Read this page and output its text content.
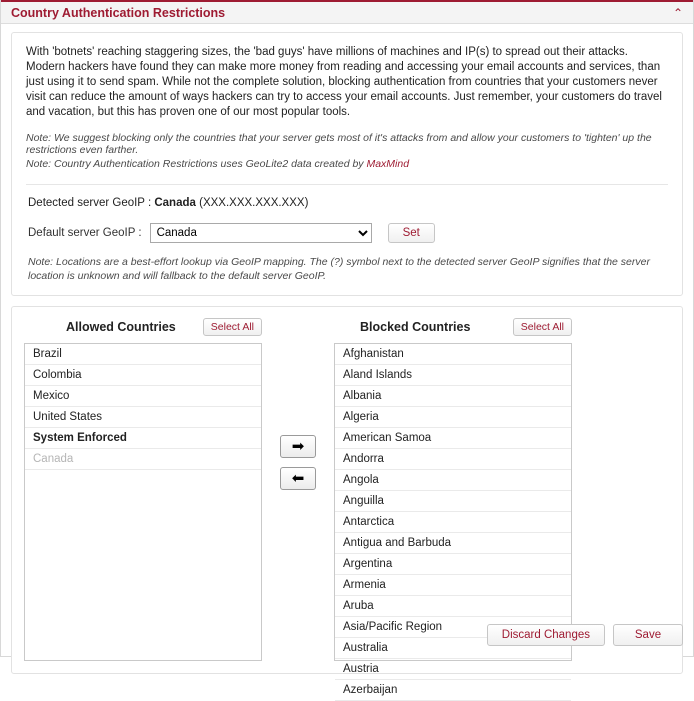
Country Authentication Restrictions	⌃

With 'botnets' reaching staggering sizes, the 'bad guys' have millions of machines and IP(s) to spread out their attacks. Modern hackers have found they can make more money from reading and accessing your email accounts and services, than just using it to send spam. While not the complete solution, blocking authentication from countries that your customers never visit can reduce the amount of ways hackers can try to access your email accounts. Just remember, your customers do travel and vacation, but this has proven one of our most popular tools.

Note: We suggest blocking only the countries that your server gets most of it's attacks from and allow your customers to 'tighten' up the restrictions even farther.

Note: Country Authentication Restrictions uses GeoLite2 data created by MaxMind

Detected server GeoIP : Canada (XXX.XXX.XXX.XXX)
Default server GeoIP :
Canada	Set

Note: Locations are a best-effort lookup via GeoIP mapping. The (?) symbol next to the detected server GeoIP signifies that the server location is unknown and will fallback to the default server GeoIP.

Allowed Countries	Select All
Brazil
Colombia
Mexico
United States
System Enforced
Canada
➡
⬅
Blocked Countries	Select All
Afghanistan
Aland Islands
Albania
Algeria
American Samoa
Andorra
Angola
Anguilla
Antarctica
Antigua and Barbuda
Argentina
Armenia
Aruba
Asia/Pacific Region
Australia
Austria
Azerbaijan
Discard Changes	Save
